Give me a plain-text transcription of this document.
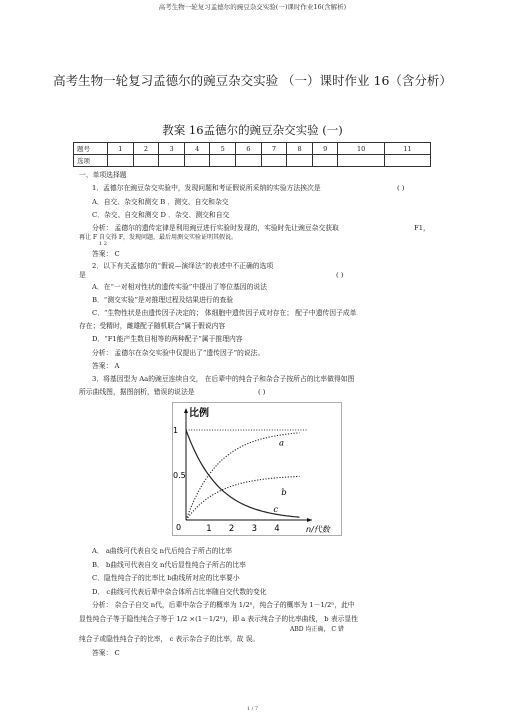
高考生物一轮复习孟德尔的豌豆杂交实验(一)课时作业16(含解析)
高考生物一轮复习孟德尔的豌豆杂交实验 （一）课时作业 16（含分析）
教案 16孟德尔的豌豆杂交实验 (一)
题号	1	2	3	4	5	6	7	8	9	10	11
选项											
一、单项选择题
1．孟德尔在豌豆杂交实验中，发现问题和考证假说所采纳的实验方法挨次是	( )
A．自交、杂交和测交 B ．测交、自交和杂交
C．杂交、自交和测交 D ．杂交、测交和自交
分析： 孟德尔的遗传定律是利用豌豆进行实验时发现的，实验时先让豌豆杂交获取	F1，
再让 F 自交得 F，发现问题，最后用测交实验证明其假说。
1 2
答案： C
2．以下有关孟德尔的“假说—演绎法”的表述中不正确的选项
是	( )
A．在“一对相对性状的遗传实验”中提出了等位基因的说法
B．“测交实验”是对推理过程及结果进行的查验
C．“生物性状是由遗传因子决定的； 体细胞中遗传因子成对存在； 配子中遗传因子成单
存在；受精时，雌雄配子随机联合”属于假说内容
D．“F1能产生数目相等的两种配子”属于推理内容
分析： 孟德尔在杂交实验中仅提出了“遗传因子”的说法。
答案： A
3．将基因型为 Aa的豌豆连续自交， 在后辈中的纯合子和杂合子按所占的比率做得如图
所示曲线图，据图剖析，错误的说法是	( )
比例
n/代数
0
0.5
1
1 2 3 4
a
b
c
A． a曲线可代表自交 n代后纯合子所占的比率
B． b曲线可代表自交 n代后显性纯合子所占的比率
C．隐性纯合子的比率比 b曲线所对应的比率要小
D． c曲线可代表后辈中杂合体所占比率随自交代数的变化
分析： 杂合子自交 n代，后辈中杂合子的概率为 1/2ⁿ，纯合子的概率为 1－1/2ⁿ，此中
显性纯合子等于隐性纯合子等于 1/2 ×(1－1/2ⁿ)，即 a 表示纯合子的比率曲线， b 表示显性
ABD 均正确， C 错
纯合子或隐性纯合子的比率， c 表示杂合子的比率，故 误。
答案： C
1 / 7
